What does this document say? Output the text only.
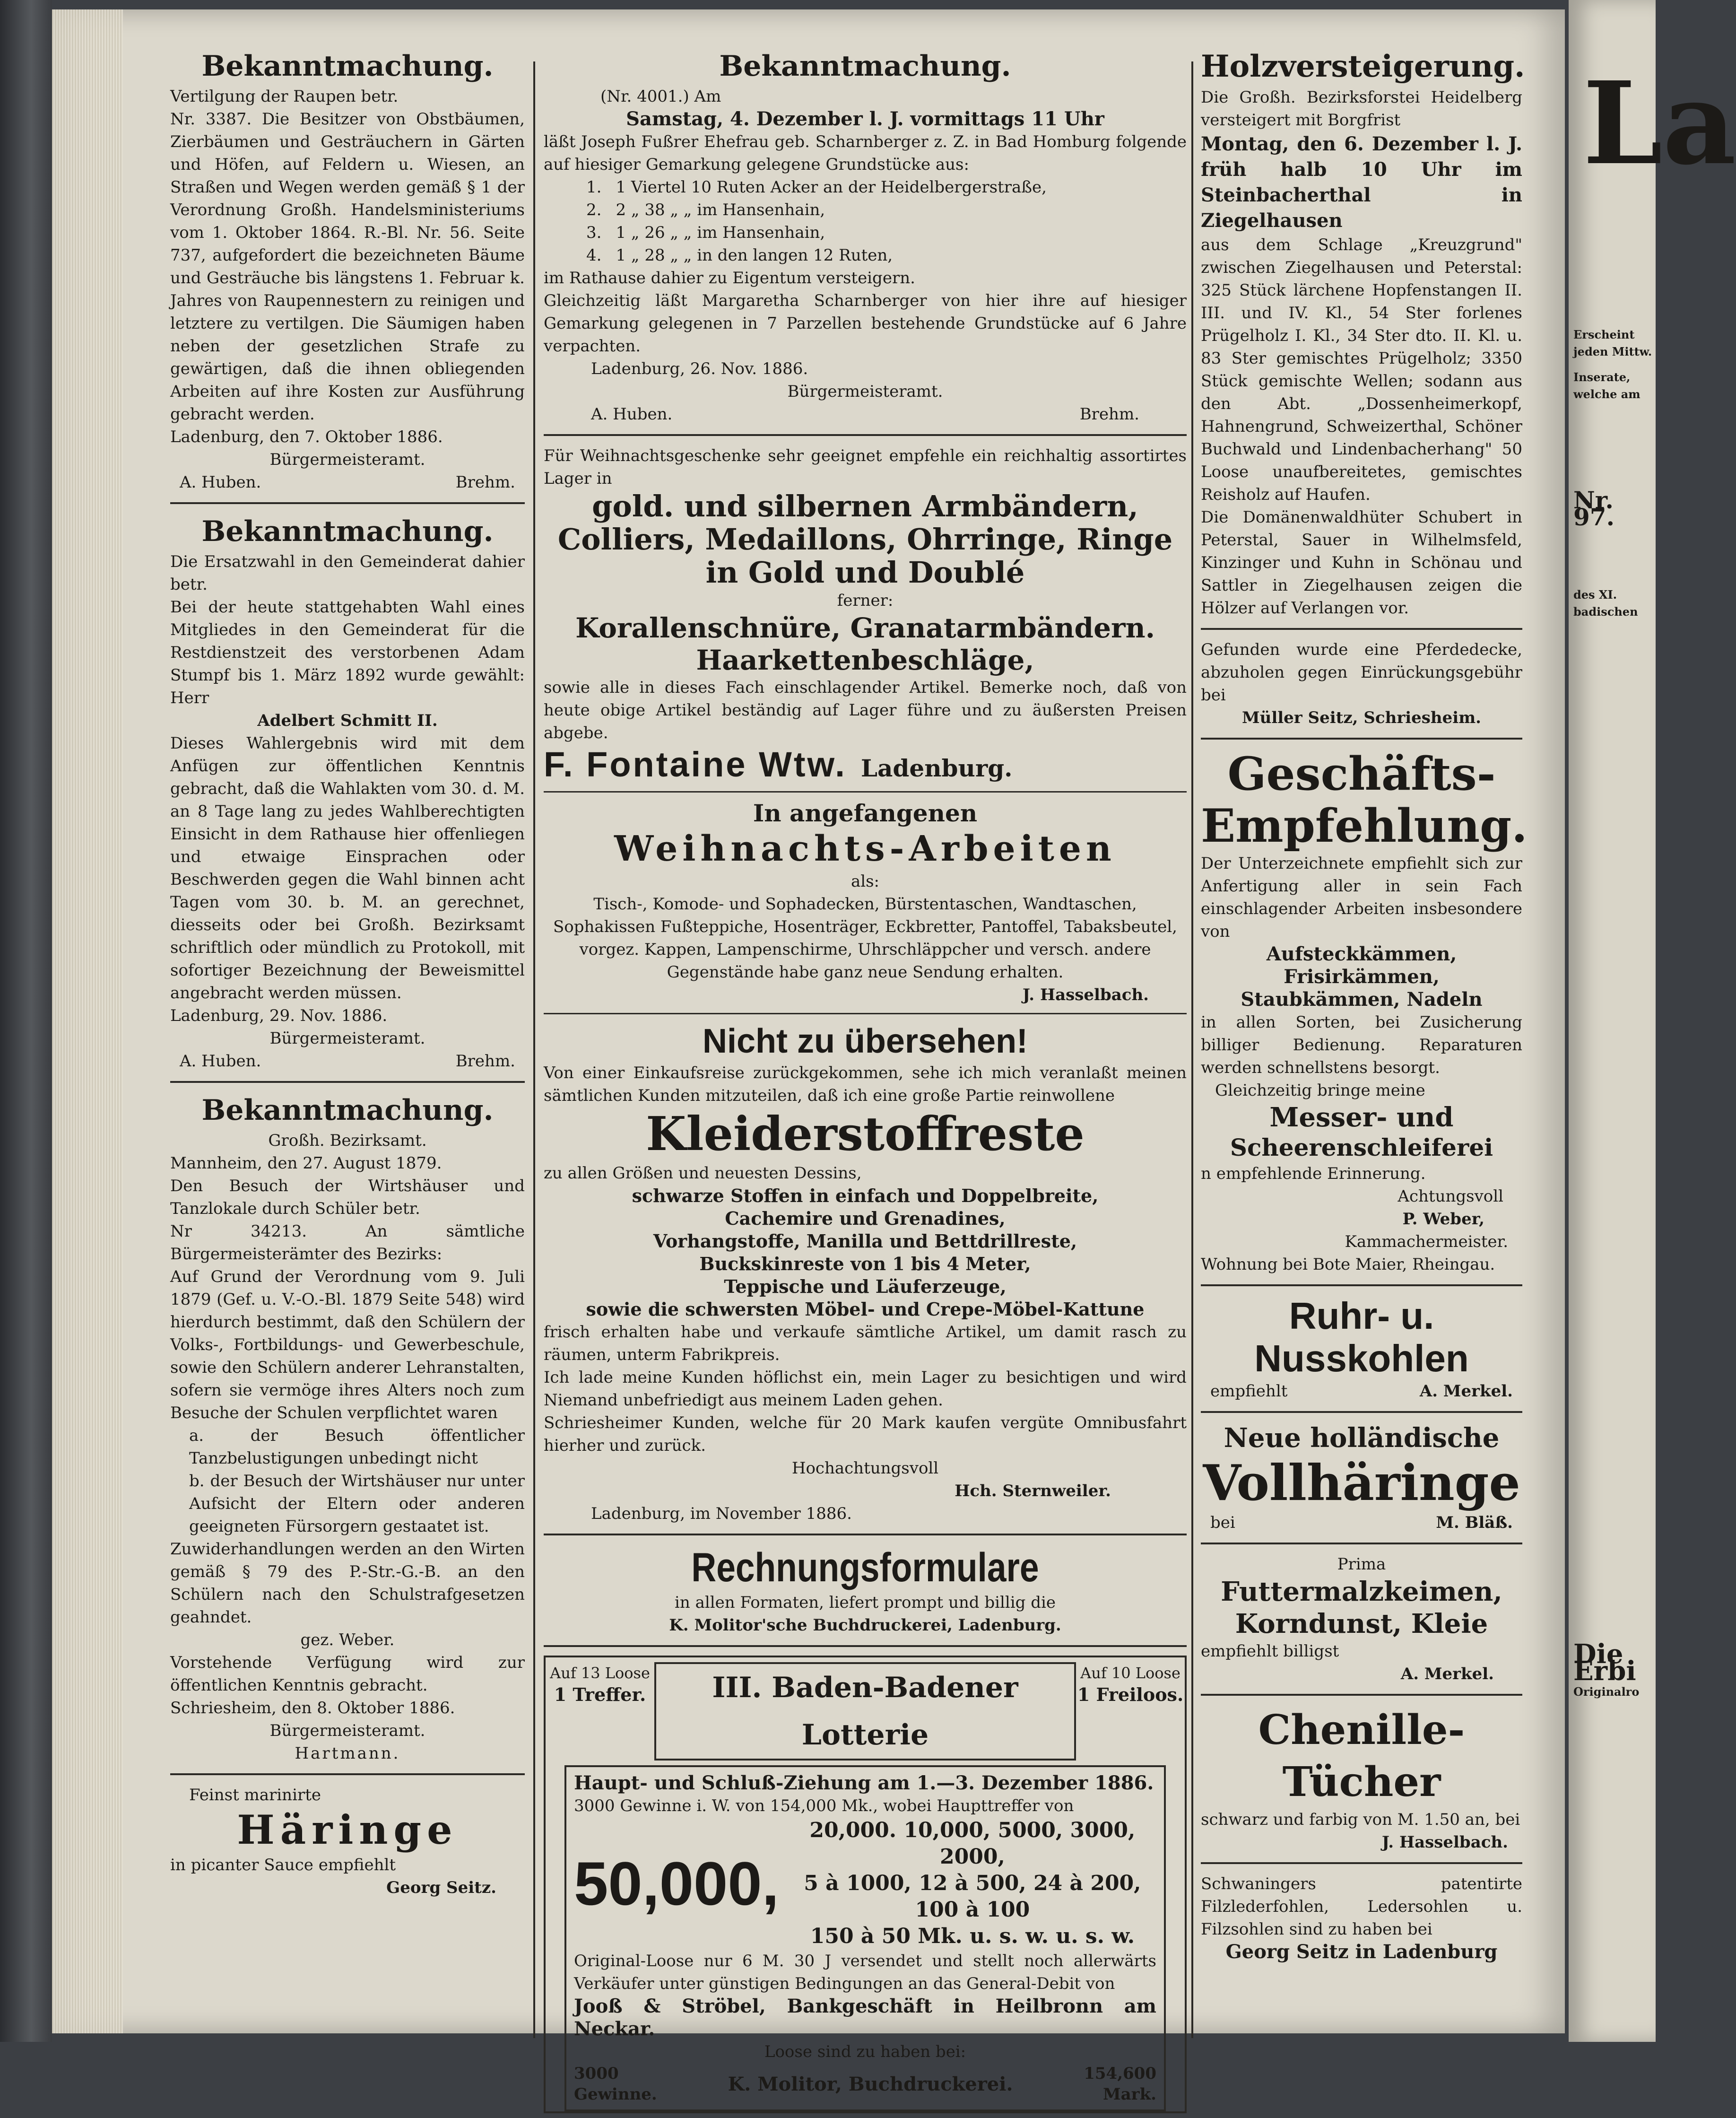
Bekanntmachung.

Vertilgung der Raupen betr.

Nr. 3387. Die Besitzer von Obstbäumen, Zierbäumen und Gesträuchern in Gärten und Höfen, auf Feldern u. Wiesen, an Straßen und Wegen werden gemäß § 1 der Verordnung Großh. Handelsministeriums vom 1. Oktober 1864. R.-Bl. Nr. 56. Seite 737, aufgefordert die bezeichneten Bäume und Gesträuche bis längstens 1. Februar k. Jahres von Raupennestern zu reinigen und letztere zu vertilgen. Die Säumigen haben neben der gesetzlichen Strafe zu gewärtigen, daß die ihnen obliegenden Arbeiten auf ihre Kosten zur Ausführung gebracht werden.

Ladenburg, den 7. Oktober 1886.

Bürgermeisteramt.

A. Huben.	Brehm.
Bekanntmachung.

Die Ersatzwahl in den Gemeinderat dahier betr.

Bei der heute stattgehabten Wahl eines Mitgliedes in den Gemeinderat für die Restdienstzeit des verstorbenen Adam Stumpf bis 1. März 1892 wurde gewählt: Herr

Adelbert Schmitt II.

Dieses Wahlergebnis wird mit dem Anfügen zur öffentlichen Kenntnis gebracht, daß die Wahlakten vom 30. d. M. an 8 Tage lang zu jedes Wahlberechtigten Einsicht in dem Rathause hier offenliegen und etwaige Einsprachen oder Beschwerden gegen die Wahl binnen acht Tagen vom 30. b. M. an gerechnet, diesseits oder bei Großh. Bezirksamt schriftlich oder mündlich zu Protokoll, mit sofortiger Bezeichnung der Beweismittel angebracht werden müssen.

Ladenburg, 29. Nov. 1886.

Bürgermeisteramt.

A. Huben.	Brehm.
Bekanntmachung.

Großh. Bezirksamt.

Mannheim, den 27. August 1879.

Den Besuch der Wirtshäuser und Tanzlokale durch Schüler betr.

Nr 34213. An sämtliche Bürgermeisterämter des Bezirks:

Auf Grund der Verordnung vom 9. Juli 1879 (Gef. u. V.-O.-Bl. 1879 Seite 548) wird hierdurch bestimmt, daß den Schülern der Volks-, Fortbildungs- und Gewerbeschule, sowie den Schülern anderer Lehranstalten, sofern sie vermöge ihres Alters noch zum Besuche der Schulen verpflichtet waren

a. der Besuch öffentlicher Tanzbelustigungen unbedingt nicht

b. der Besuch der Wirtshäuser nur unter Aufsicht der Eltern oder anderen geeigneten Fürsorgern gestaatet ist.

Zuwiderhandlungen werden an den Wirten gemäß § 79 des P.-Str.-G.-B. an den Schülern nach den Schulstrafgesetzen geahndet.

gez. Weber.

Vorstehende Verfügung wird zur öffentlichen Kenntnis gebracht.

Schriesheim, den 8. Oktober 1886.

Bürgermeisteramt.

Hartmann.

Feinst marinirte

Häringe

in picanter Sauce empfiehlt

Georg Seitz.

Bekanntmachung.

(Nr. 4001.) Am

Samstag, 4. Dezember l. J. vormittags 11 Uhr

läßt Joseph Fußrer Ehefrau geb. Scharnberger z. Z. in Bad Homburg folgende auf hiesiger Gemarkung gelegene Grundstücke aus:

1. 1 Viertel 10 Ruten Acker an der Heidelbergerstraße,
2. 2 „ 38 „ „ im Hansenhain,
3. 1 „ 26 „ „ im Hansenhain,
4. 1 „ 28 „ „ in den langen 12 Ruten,

im Rathause dahier zu Eigentum versteigern.

Gleichzeitig läßt Margaretha Scharnberger von hier ihre auf hiesiger Gemarkung gelegenen in 7 Parzellen bestehende Grundstücke auf 6 Jahre verpachten.

Ladenburg, 26. Nov. 1886.

Bürgermeisteramt.

A. Huben.	Brehm.

Für Weihnachtsgeschenke sehr geeignet empfehle ein reichhaltig assortirtes Lager in

gold. und silbernen Armbändern,
Colliers, Medaillons, Ohrringe, Ringe
in Gold und Doublé

ferner:

Korallenschnüre, Granatarmbändern.
Haarkettenbeschläge,

sowie alle in dieses Fach einschlagender Artikel. Bemerke noch, daß von heute obige Artikel beständig auf Lager führe und zu äußersten Preisen abgebe.

F. Fontaine Wtw. Ladenburg.
In angefangenen
Weihnachts-Arbeiten

als:

Tisch-, Komode- und Sophadecken, Bürstentaschen, Wandtaschen, Sophakissen Fußteppiche, Hosenträger, Eckbretter, Pantoffel, Tabaksbeutel, vorgez. Kappen, Lampenschirme, Uhrschläppcher und versch. andere Gegenstände habe ganz neue Sendung erhalten.

J. Hasselbach.

Nicht zu übersehen!

Von einer Einkaufsreise zurückgekommen, sehe ich mich veranlaßt meinen sämtlichen Kunden mitzuteilen, daß ich eine große Partie reinwollene

Kleiderstoffreste

zu allen Größen und neuesten Dessins,

schwarze Stoffen in einfach und Doppelbreite,

Cachemire und Grenadines,

Vorhangstoffe, Manilla und Bettdrillreste,

Buckskinreste von 1 bis 4 Meter,

Teppische und Läuferzeuge,

sowie die schwersten Möbel- und Crepe-Möbel-Kattune

frisch erhalten habe und verkaufe sämtliche Artikel, um damit rasch zu räumen, unterm Fabrikpreis.

Ich lade meine Kunden höflichst ein, mein Lager zu besichtigen und wird Niemand unbefriedigt aus meinem Laden gehen.

Schriesheimer Kunden, welche für 20 Mark kaufen vergüte Omnibusfahrt hierher und zurück.

Hochachtungsvoll

Hch. Sternweiler.

Ladenburg, im November 1886.

Rechnungsformulare

in allen Formaten, liefert prompt und billig die

K. Molitor'sche Buchdruckerei, Ladenburg.

Auf 13 Loose
1 Treffer.	III. Baden-Badener Lotterie
Auf 10 Loose
1 Freiloos.

Haupt- und Schluß-Ziehung am 1.—3. Dezember 1886.

3000 Gewinne i. W. von 154,000 Mk., wobei Haupttreffer von

50,000,
20,000. 10,000, 5000, 3000, 2000,
5 à 1000, 12 à 500, 24 à 200, 100 à 100
150 à 50 Mk. u. s. w. u. s. w.

Original-Loose nur 6 M. 30 J versendet und stellt noch allerwärts Verkäufer unter günstigen Bedingungen an das General-Debit von

Jooß & Ströbel, Bankgeschäft in Heilbronn am Neckar.

Loose sind zu haben bei:

3000
Gewinne.	K. Molitor, Buchdruckerei.	154,600
Mark.
Holzversteigerung.

Die Großh. Bezirksforstei Heidelberg versteigert mit Borgfrist

Montag, den 6. Dezember l. J. früh halb 10 Uhr im Steinbacherthal in Ziegelhausen

aus dem Schlage „Kreuzgrund" zwischen Ziegelhausen und Peterstal: 325 Stück lärchene Hopfenstangen II. III. und IV. Kl., 54 Ster forlenes Prügelholz I. Kl., 34 Ster dto. II. Kl. u. 83 Ster gemischtes Prügelholz; 3350 Stück gemischte Wellen; sodann aus den Abt. „Dossenheimerkopf, Hahnengrund, Schweizerthal, Schöner Buchwald und Lindenbacherhang" 50 Loose unaufbereitetes, gemischtes Reisholz auf Haufen.

Die Domänenwaldhüter Schubert in Peterstal, Sauer in Wilhelmsfeld, Kinzinger und Kuhn in Schönau und Sattler in Ziegelhausen zeigen die Hölzer auf Verlangen vor.

Gefunden wurde eine Pferdedecke, abzuholen gegen Einrückungsgebühr bei

Müller Seitz, Schriesheim.

Geschäfts-
Empfehlung.

Der Unterzeichnete empfiehlt sich zur Anfertigung aller in sein Fach einschlagender Arbeiten insbesondere von

Aufsteckkämmen, Frisirkämmen, Staubkämmen, Nadeln

in allen Sorten, bei Zusicherung billiger Bedienung. Reparaturen werden schnellstens besorgt.

Gleichzeitig bringe meine

Messer- und
Scheerenschleiferei

n empfehlende Erinnerung.

Achtungsvoll

P. Weber,

Kammachermeister.

Wohnung bei Bote Maier, Rheingau.

Ruhr- u.
Nusskohlen
empfiehlt	A. Merkel.
Neue holländische
Vollhäringe
bei	M. Bläß.

Prima

Futtermalzkeimen,
Korndunst, Kleie

empfiehlt billigst

A. Merkel.

Chenille-Tücher

schwarz und farbig von M. 1.50 an, bei

J. Hasselbach.

Schwaningers patentirte Filzlederfohlen, Ledersohlen u. Filzsohlen sind zu haben bei

Georg Seitz in Ladenburg

La
Erscheint jeden Mittw.
Inserate, welche am
Nr. 97.
des XI. badischen
Die Erbi
Originalro
